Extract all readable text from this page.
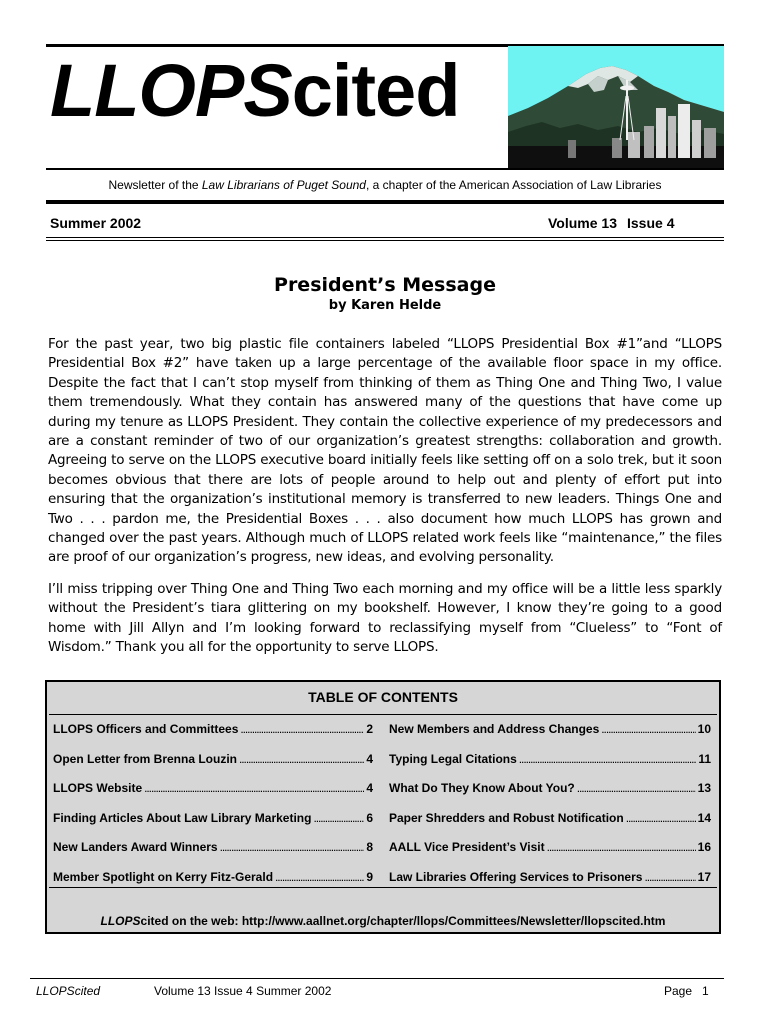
LLOPScited
Newsletter of the Law Librarians of Puget Sound, a chapter of the American Association of Law Libraries
Summer 2002	Volume 13 Issue 4
President’s Message
by Karen Helde
For the past year, two big plastic file containers labeled “LLOPS Presidential Box #1”and “LLOPS Presidential Box #2” have taken up a large percentage of the available floor space in my office. Despite the fact that I can’t stop myself from thinking of them as Thing One and Thing Two, I value them tremendously. What they contain has answered many of the questions that have come up during my tenure as LLOPS President. They contain the collective experience of my predecessors and are a constant reminder of two of our organization’s greatest strengths: collaboration and growth. Agreeing to serve on the LLOPS executive board initially feels like setting off on a solo trek, but it soon becomes obvious that there are lots of people around to help out and plenty of effort put into ensuring that the organization’s institutional memory is transferred to new leaders. Things One and Two . . . pardon me, the Presidential Boxes . . . also document how much LLOPS has grown and changed over the past years. Although much of LLOPS related work feels like “maintenance,” the files are proof of our organization’s progress, new ideas, and evolving personality.
I’ll miss tripping over Thing One and Thing Two each morning and my office will be a little less sparkly without the President’s tiara glittering on my bookshelf. However, I know they’re going to a good home with Jill Allyn and I’m looking forward to reclassifying myself from “Clueless” to “Font of Wisdom.” Thank you all for the opportunity to serve LLOPS.
TABLE OF CONTENTS
LLOPS Officers and Committees . . .	2
Open Letter from Brenna Louzin . . .	4
LLOPS Website . . .	4
Finding Articles About Law Library Marketing . . .	6
New Landers Award Winners . . .	8
Member Spotlight on Kerry Fitz-Gerald . . .	9
New Members and Address Changes . . .	10
Typing Legal Citations . . .	11
What Do They Know About You? . . .	13
Paper Shredders and Robust Notification . . .	14
AALL Vice President’s Visit . . .	16
Law Libraries Offering Services to Prisoners . . .	17
LLOPScited on the web: http://www.aallnet.org/chapter/llops/Committees/Newsletter/llopscited.htm
LLOPScited	Volume 13 Issue 4 Summer 2002	Page 1
